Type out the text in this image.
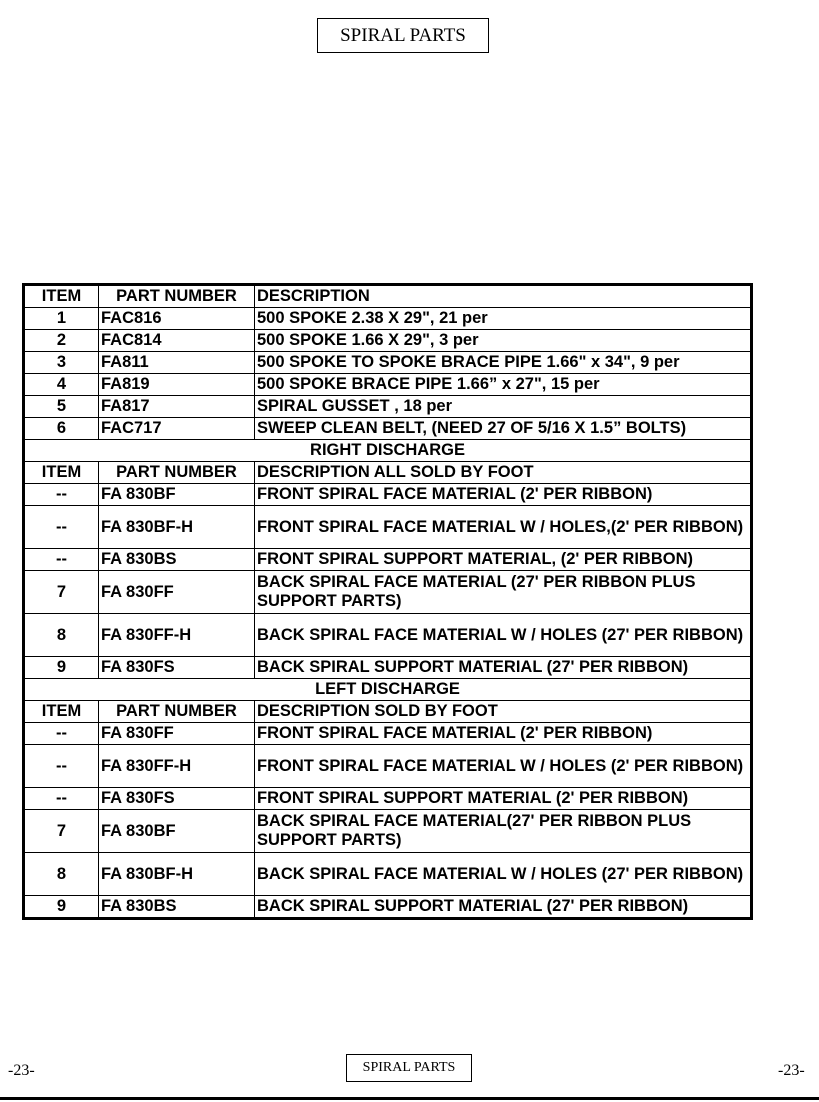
SPIRAL PARTS
ITEM	PART NUMBER	DESCRIPTION
1	FAC816	500 SPOKE 2.38 X 29", 21 per
2	FAC814	500 SPOKE 1.66 X 29", 3 per
3	FA811	500 SPOKE TO SPOKE BRACE PIPE 1.66" x 34", 9 per
4	FA819	500 SPOKE BRACE PIPE 1.66” x 27", 15 per
5	FA817	SPIRAL GUSSET , 18 per
6	FAC717	SWEEP CLEAN BELT, (NEED 27 OF 5/16 X 1.5” BOLTS)
RIGHT DISCHARGE		
ITEM	PART NUMBER	DESCRIPTION ALL SOLD BY FOOT
--	FA 830BF	FRONT SPIRAL FACE MATERIAL (2' PER RIBBON)
--	FA 830BF-H	FRONT SPIRAL FACE MATERIAL W / HOLES,(2' PER RIBBON)
--	FA 830BS	FRONT SPIRAL SUPPORT MATERIAL, (2' PER RIBBON)
7	FA 830FF	BACK SPIRAL FACE MATERIAL (27' PER RIBBON PLUS SUPPORT PARTS)
8	FA 830FF-H	BACK SPIRAL FACE MATERIAL W / HOLES (27' PER RIBBON)
9	FA 830FS	BACK SPIRAL SUPPORT MATERIAL (27' PER RIBBON)
LEFT DISCHARGE		
ITEM	PART NUMBER	DESCRIPTION SOLD BY FOOT
--	FA 830FF	FRONT SPIRAL FACE MATERIAL (2' PER RIBBON)
--	FA 830FF-H	FRONT SPIRAL FACE MATERIAL W / HOLES (2' PER RIBBON)
--	FA 830FS	FRONT SPIRAL SUPPORT MATERIAL (2' PER RIBBON)
7	FA 830BF	BACK SPIRAL FACE MATERIAL(27' PER RIBBON PLUS SUPPORT PARTS)
8	FA 830BF-H	BACK SPIRAL FACE MATERIAL W / HOLES (27' PER RIBBON)
9	FA 830BS	BACK SPIRAL SUPPORT MATERIAL (27' PER RIBBON)
-23-	SPIRAL PARTS	-23-
